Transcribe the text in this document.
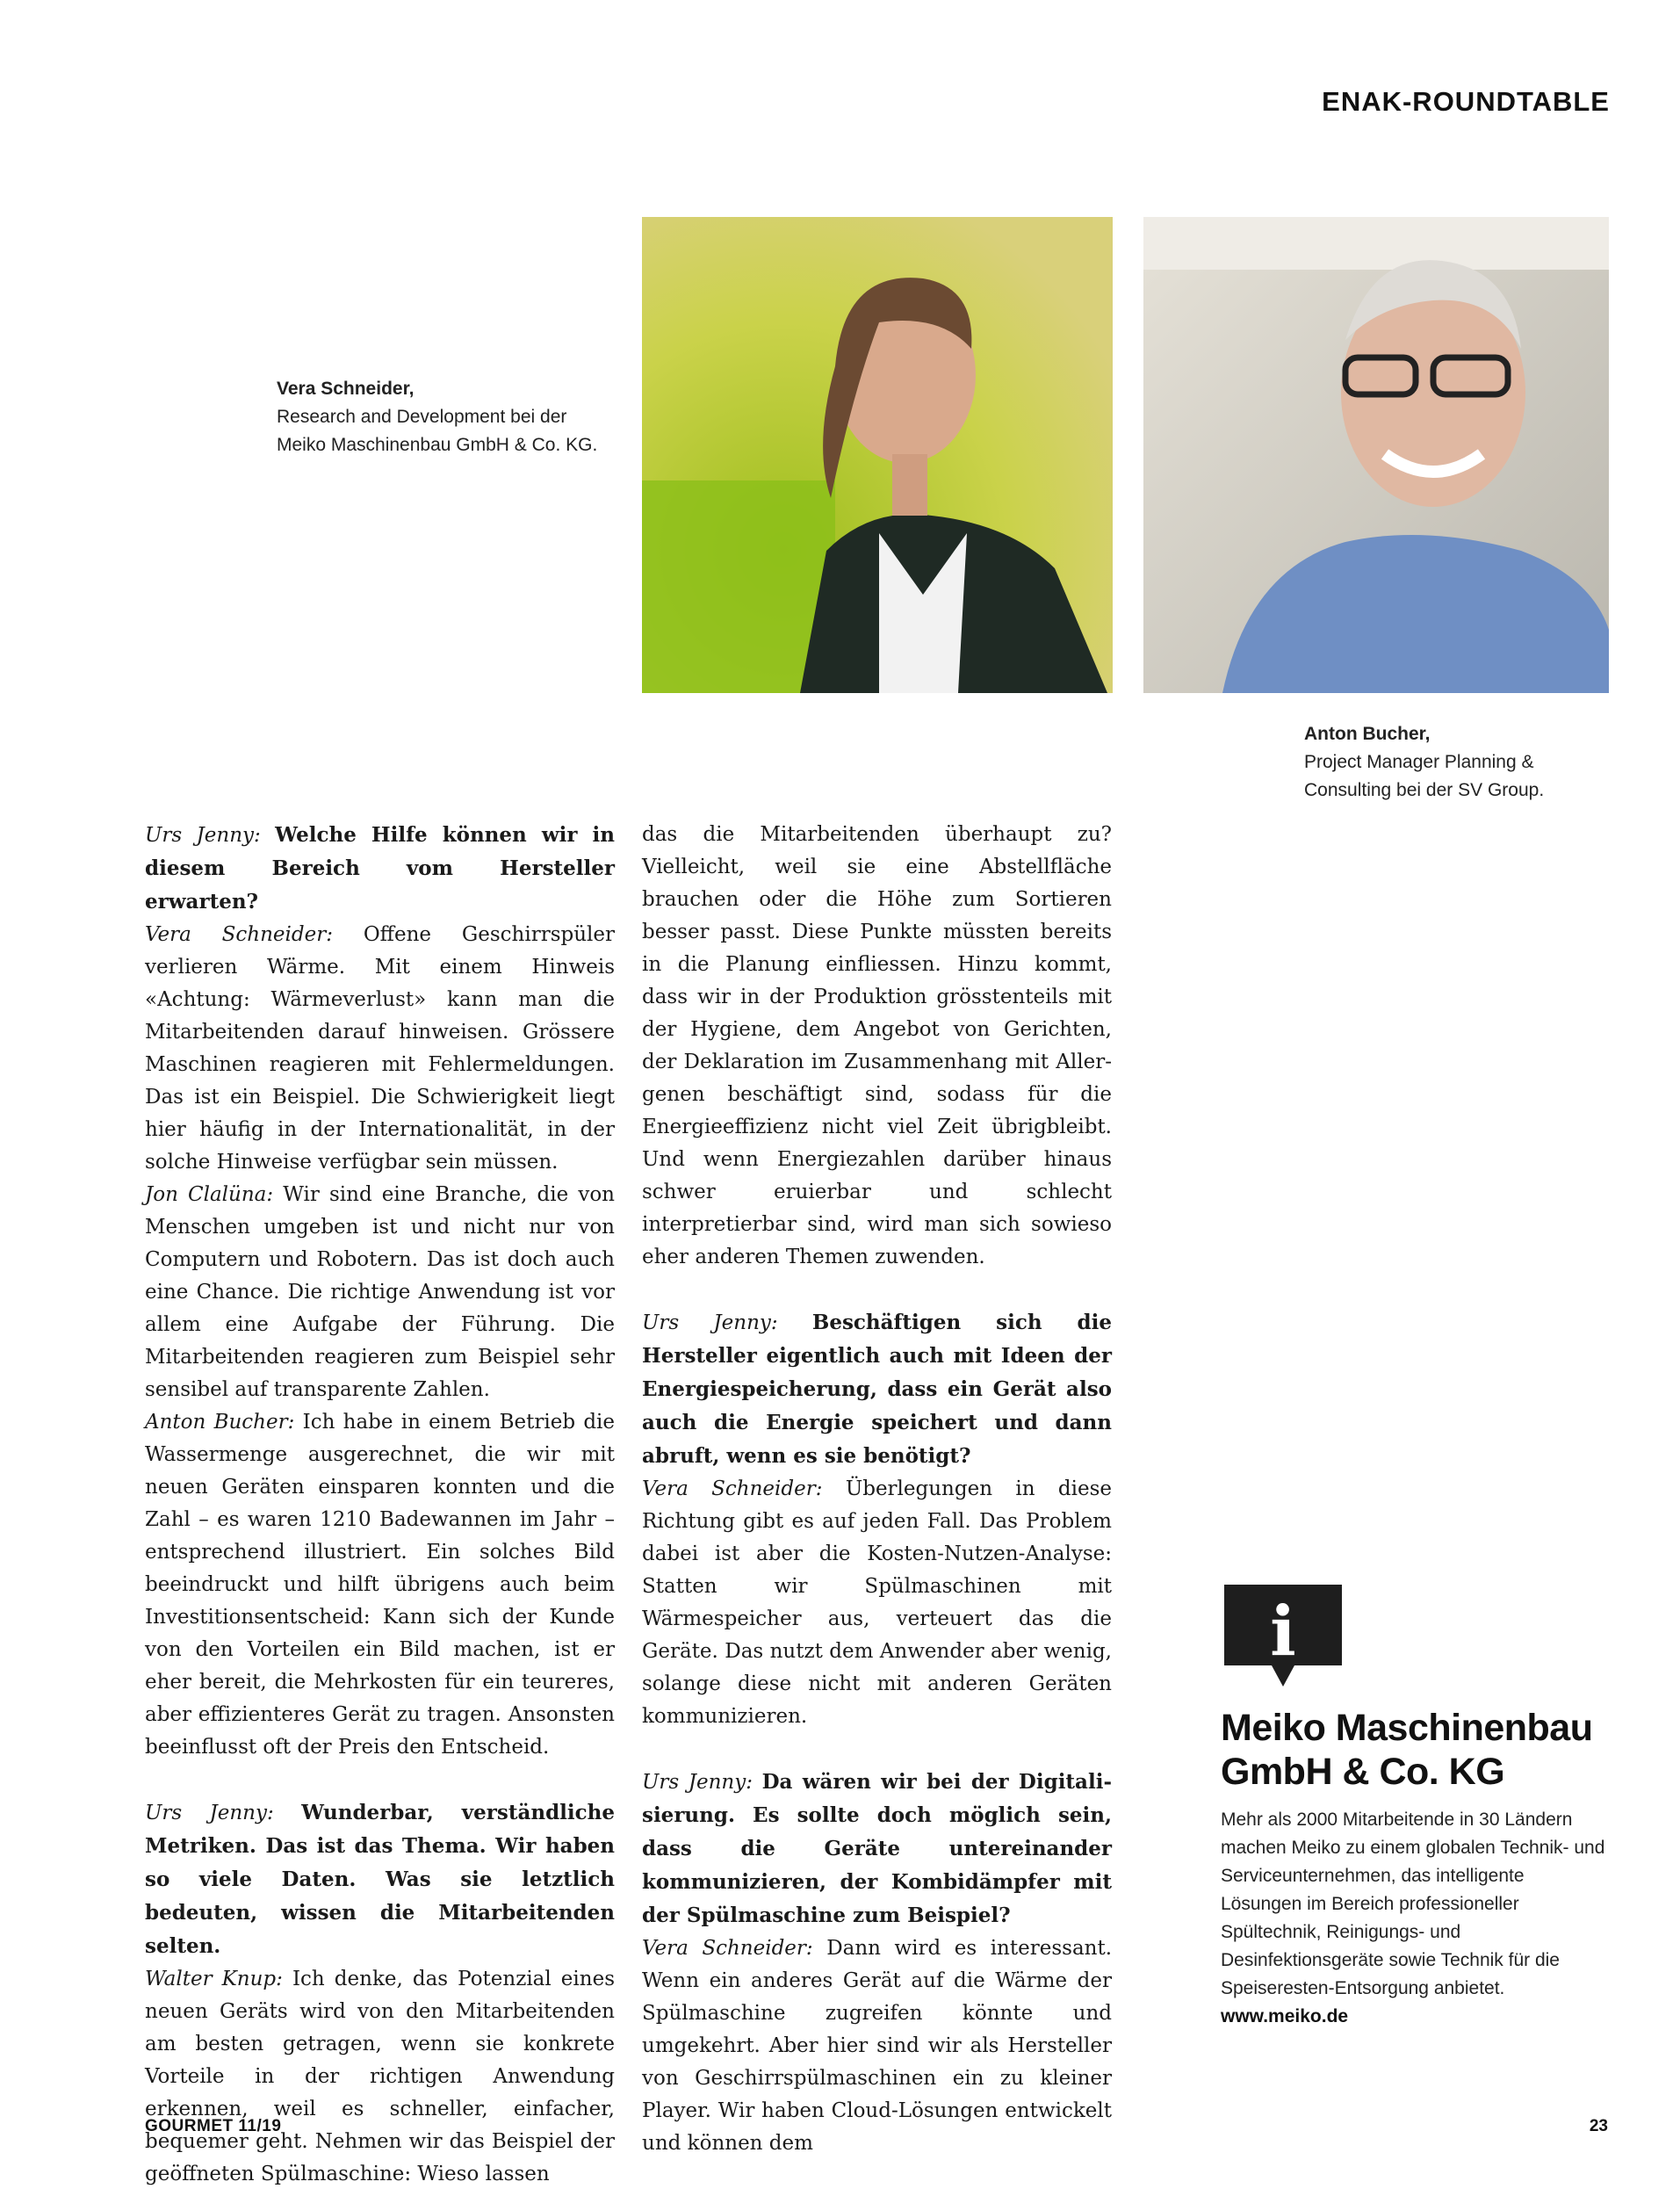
ENAK-ROUNDTABLE
Vera Schneider,
Research and Development bei der
Meiko Maschinenbau GmbH & Co. KG.
Anton Bucher,
Project Manager Planning &
Consulting bei der SV Group.

Urs Jenny: Welche Hilfe können wir in diesem Bereich vom Hersteller erwarten?

Vera Schneider: Offene Geschirrspüler verlieren Wärme. Mit einem Hinweis «Achtung: Wärmeverlust» kann man die Mitarbeitenden darauf hinweisen. Grössere Maschinen reagieren mit Fehlermeldungen. Das ist ein Beispiel. Die Schwierigkeit liegt hier häufig in der Internationalität, in der solche Hinweise verfügbar sein müssen.

Jon Clalüna: Wir sind eine Branche, die von Menschen umgeben ist und nicht nur von Computern und Robotern. Das ist doch auch eine Chance. Die richtige Anwendung ist vor allem eine Aufgabe der Führung. Die Mitarbeitenden reagieren zum Beispiel sehr sensibel auf transparente Zahlen.

Anton Bucher: Ich habe in einem Betrieb die Wassermenge ausgerechnet, die wir mit neuen Geräten einsparen konnten und die Zahl – es waren 1210 Badewannen im Jahr – entsprechend illustriert. Ein solches Bild beeindruckt und hilft übrigens auch beim Investitionsentscheid: Kann sich der Kunde von den Vorteilen ein Bild machen, ist er eher bereit, die Mehrkosten für ein teureres, aber effizienteres Gerät zu tragen. Ansonsten beeinflusst oft der Preis den Entscheid.

Urs Jenny: Wunderbar, verständliche Metriken. Das ist das Thema. Wir haben so viele Daten. Was sie letztlich bedeuten, wissen die Mitarbeitenden selten.

Walter Knup: Ich denke, das Potenzial eines neuen Geräts wird von den Mitarbeitenden am besten getragen, wenn sie konkrete Vorteile in der richtigen Anwendung erkennen, weil es schneller, einfacher, bequemer geht. Nehmen wir das Beispiel der geöffneten Spülmaschine: Wieso lassen

das die Mitarbeitenden überhaupt zu? Vielleicht, weil sie eine Abstellfläche brauchen oder die Höhe zum Sortieren besser passt. Diese Punkte müssten bereits in die Planung einfliessen. Hinzu kommt, dass wir in der Produktion grösstenteils mit der Hygiene, dem Angebot von Gerichten, der Deklaration im Zusammenhang mit Allergenen beschäftigt sind, sodass für die Energieeffizienz nicht viel Zeit übrigbleibt. Und wenn Energiezahlen darüber hinaus schwer eruierbar und schlecht interpretierbar sind, wird man sich sowieso eher anderen Themen zuwenden.

Urs Jenny: Beschäftigen sich die Hersteller eigentlich auch mit Ideen der Energiespeicherung, dass ein Gerät also auch die Energie speichert und dann abruft, wenn es sie benötigt?

Vera Schneider: Überlegungen in diese Richtung gibt es auf jeden Fall. Das Problem dabei ist aber die Kosten-Nutzen-Analyse: Statten wir Spülmaschinen mit Wärmespeicher aus, verteuert das die Geräte. Das nutzt dem Anwender aber wenig, solange diese nicht mit anderen Geräten kommunizieren.

Urs Jenny: Da wären wir bei der Digitalisierung. Es sollte doch möglich sein, dass die Geräte untereinander kommunizieren, der Kombidämpfer mit der Spülmaschine zum Beispiel?

Vera Schneider: Dann wird es interessant. Wenn ein anderes Gerät auf die Wärme der Spülmaschine zugreifen könnte und umgekehrt. Aber hier sind wir als Hersteller von Geschirrspülmaschinen ein zu kleiner Player. Wir haben Cloud-Lösungen entwickelt und können dem

i
Meiko Maschinenbau GmbH & Co. KG
Mehr als 2000 Mitarbeitende in 30 Ländern machen Meiko zu einem globalen Technik- und Serviceunternehmen, das intelligente Lösungen im Bereich professioneller Spültechnik, Reinigungs- und Desinfektionsgeräte sowie Technik für die Speiseresten-Entsorgung anbietet.
www.meiko.de
GOURMET 11/19	23
